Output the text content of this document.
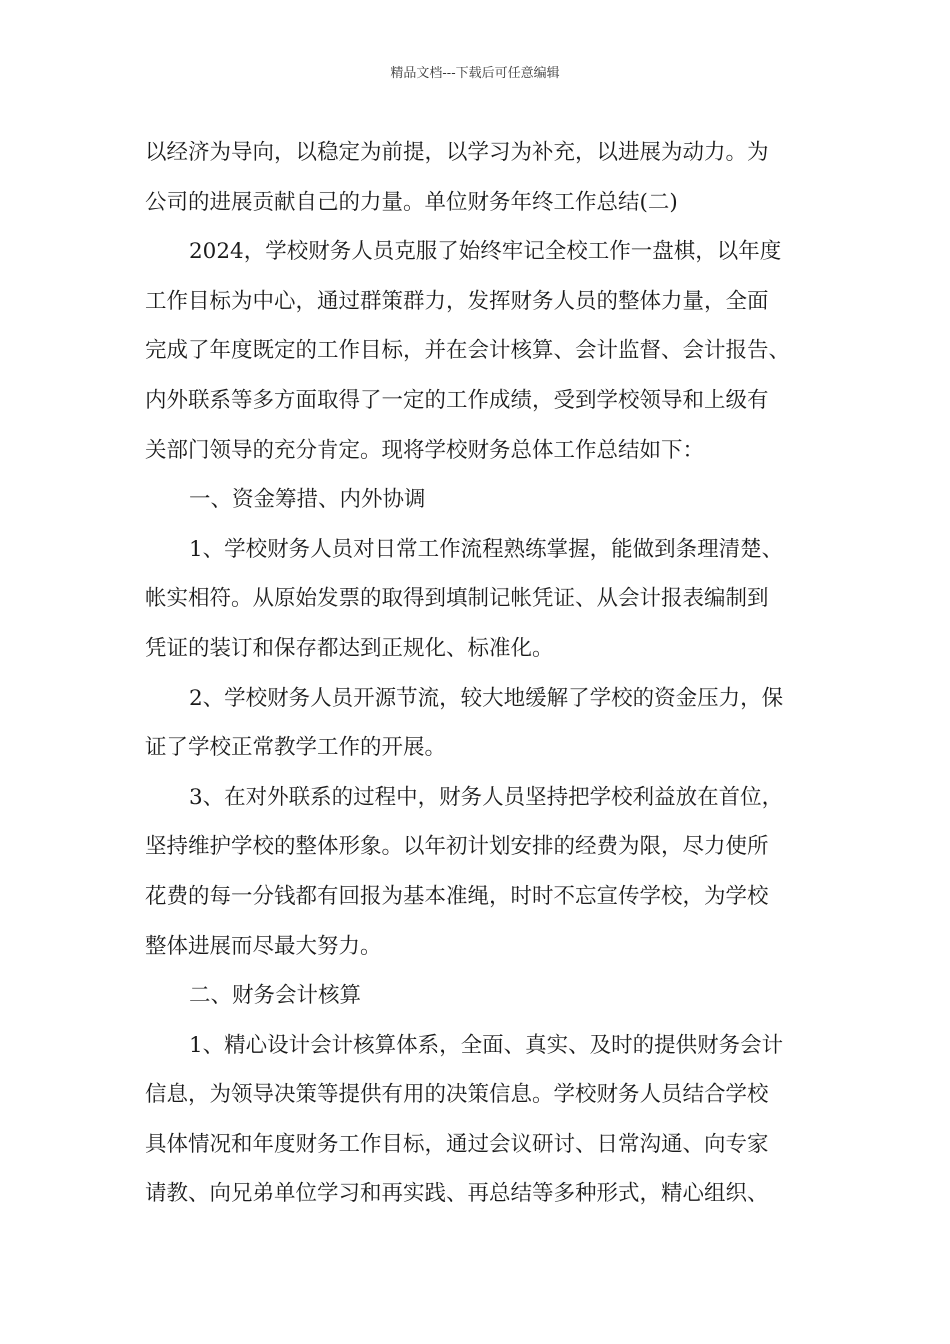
精品文档---下载后可任意编辑
以经济为导向，以稳定为前提，以学习为补充，以进展为动力。为
公司的进展贡献自己的力量。单位财务年终工作总结(二)
2024，学校财务人员克服了始终牢记全校工作一盘棋，以年度
工作目标为中心，通过群策群力，发挥财务人员的整体力量，全面
完成了年度既定的工作目标，并在会计核算、会计监督、会计报告、
内外联系等多方面取得了一定的工作成绩，受到学校领导和上级有
关部门领导的充分肯定。现将学校财务总体工作总结如下：
一、资金筹措、内外协调
1、学校财务人员对日常工作流程熟练掌握，能做到条理清楚、
帐实相符。从原始发票的取得到填制记帐凭证、从会计报表编制到
凭证的装订和保存都达到正规化、标准化。
2、学校财务人员开源节流，较大地缓解了学校的资金压力，保
证了学校正常教学工作的开展。
3、在对外联系的过程中，财务人员坚持把学校利益放在首位，
坚持维护学校的整体形象。以年初计划安排的经费为限，尽力使所
花费的每一分钱都有回报为基本准绳，时时不忘宣传学校，为学校
整体进展而尽最大努力。
二、财务会计核算
1、精心设计会计核算体系，全面、真实、及时的提供财务会计
信息，为领导决策等提供有用的决策信息。学校财务人员结合学校
具体情况和年度财务工作目标，通过会议研讨、日常沟通、向专家
请教、向兄弟单位学习和再实践、再总结等多种形式，精心组织、
